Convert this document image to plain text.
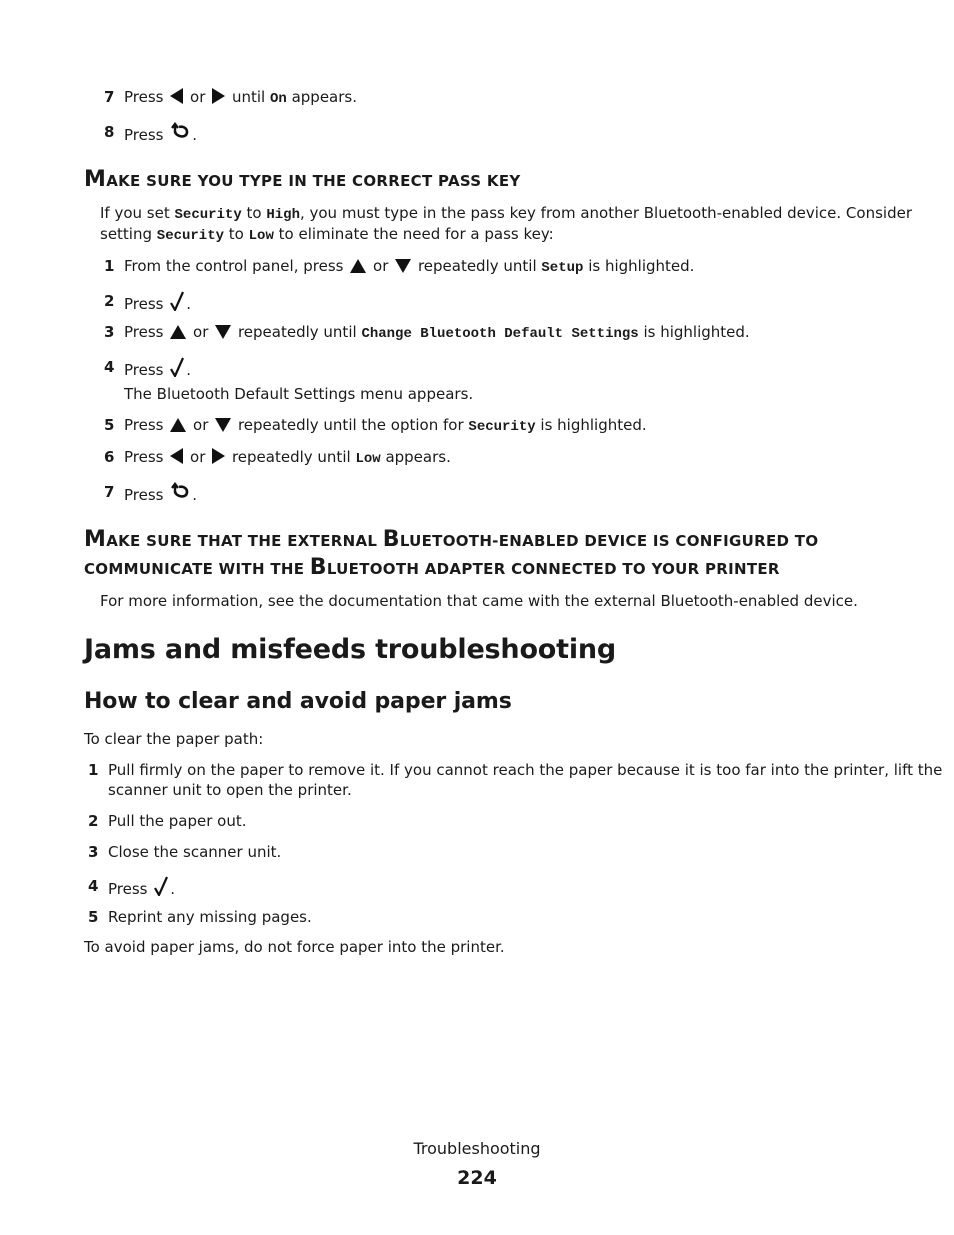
7 Press or until On appears.
8 Press .
MAKE SURE YOU TYPE IN THE CORRECT PASS KEY
If you set Security to High, you must type in the pass key from another Bluetooth-enabled device. Consider
setting Security to Low to eliminate the need for a pass key:
1 From the control panel, press or repeatedly until Setup is highlighted.
2 Press .
3 Press or repeatedly until Change Bluetooth Default Settings is highlighted.
4 Press .
The Bluetooth Default Settings menu appears.
5 Press or repeatedly until the option for Security is highlighted.
6 Press or repeatedly until Low appears.
7 Press .
MAKE SURE THAT THE EXTERNAL BLUETOOTH-ENABLED DEVICE IS CONFIGURED TO
COMMUNICATE WITH THE BLUETOOTH ADAPTER CONNECTED TO YOUR PRINTER
For more information, see the documentation that came with the external Bluetooth-enabled device.
Jams and misfeeds troubleshooting
How to clear and avoid paper jams
To clear the paper path:
1 Pull firmly on the paper to remove it. If you cannot reach the paper because it is too far into the printer, lift the
scanner unit to open the printer.
2 Pull the paper out.
3 Close the scanner unit.
4 Press .
5 Reprint any missing pages.
To avoid paper jams, do not force paper into the printer.
Troubleshooting
224
